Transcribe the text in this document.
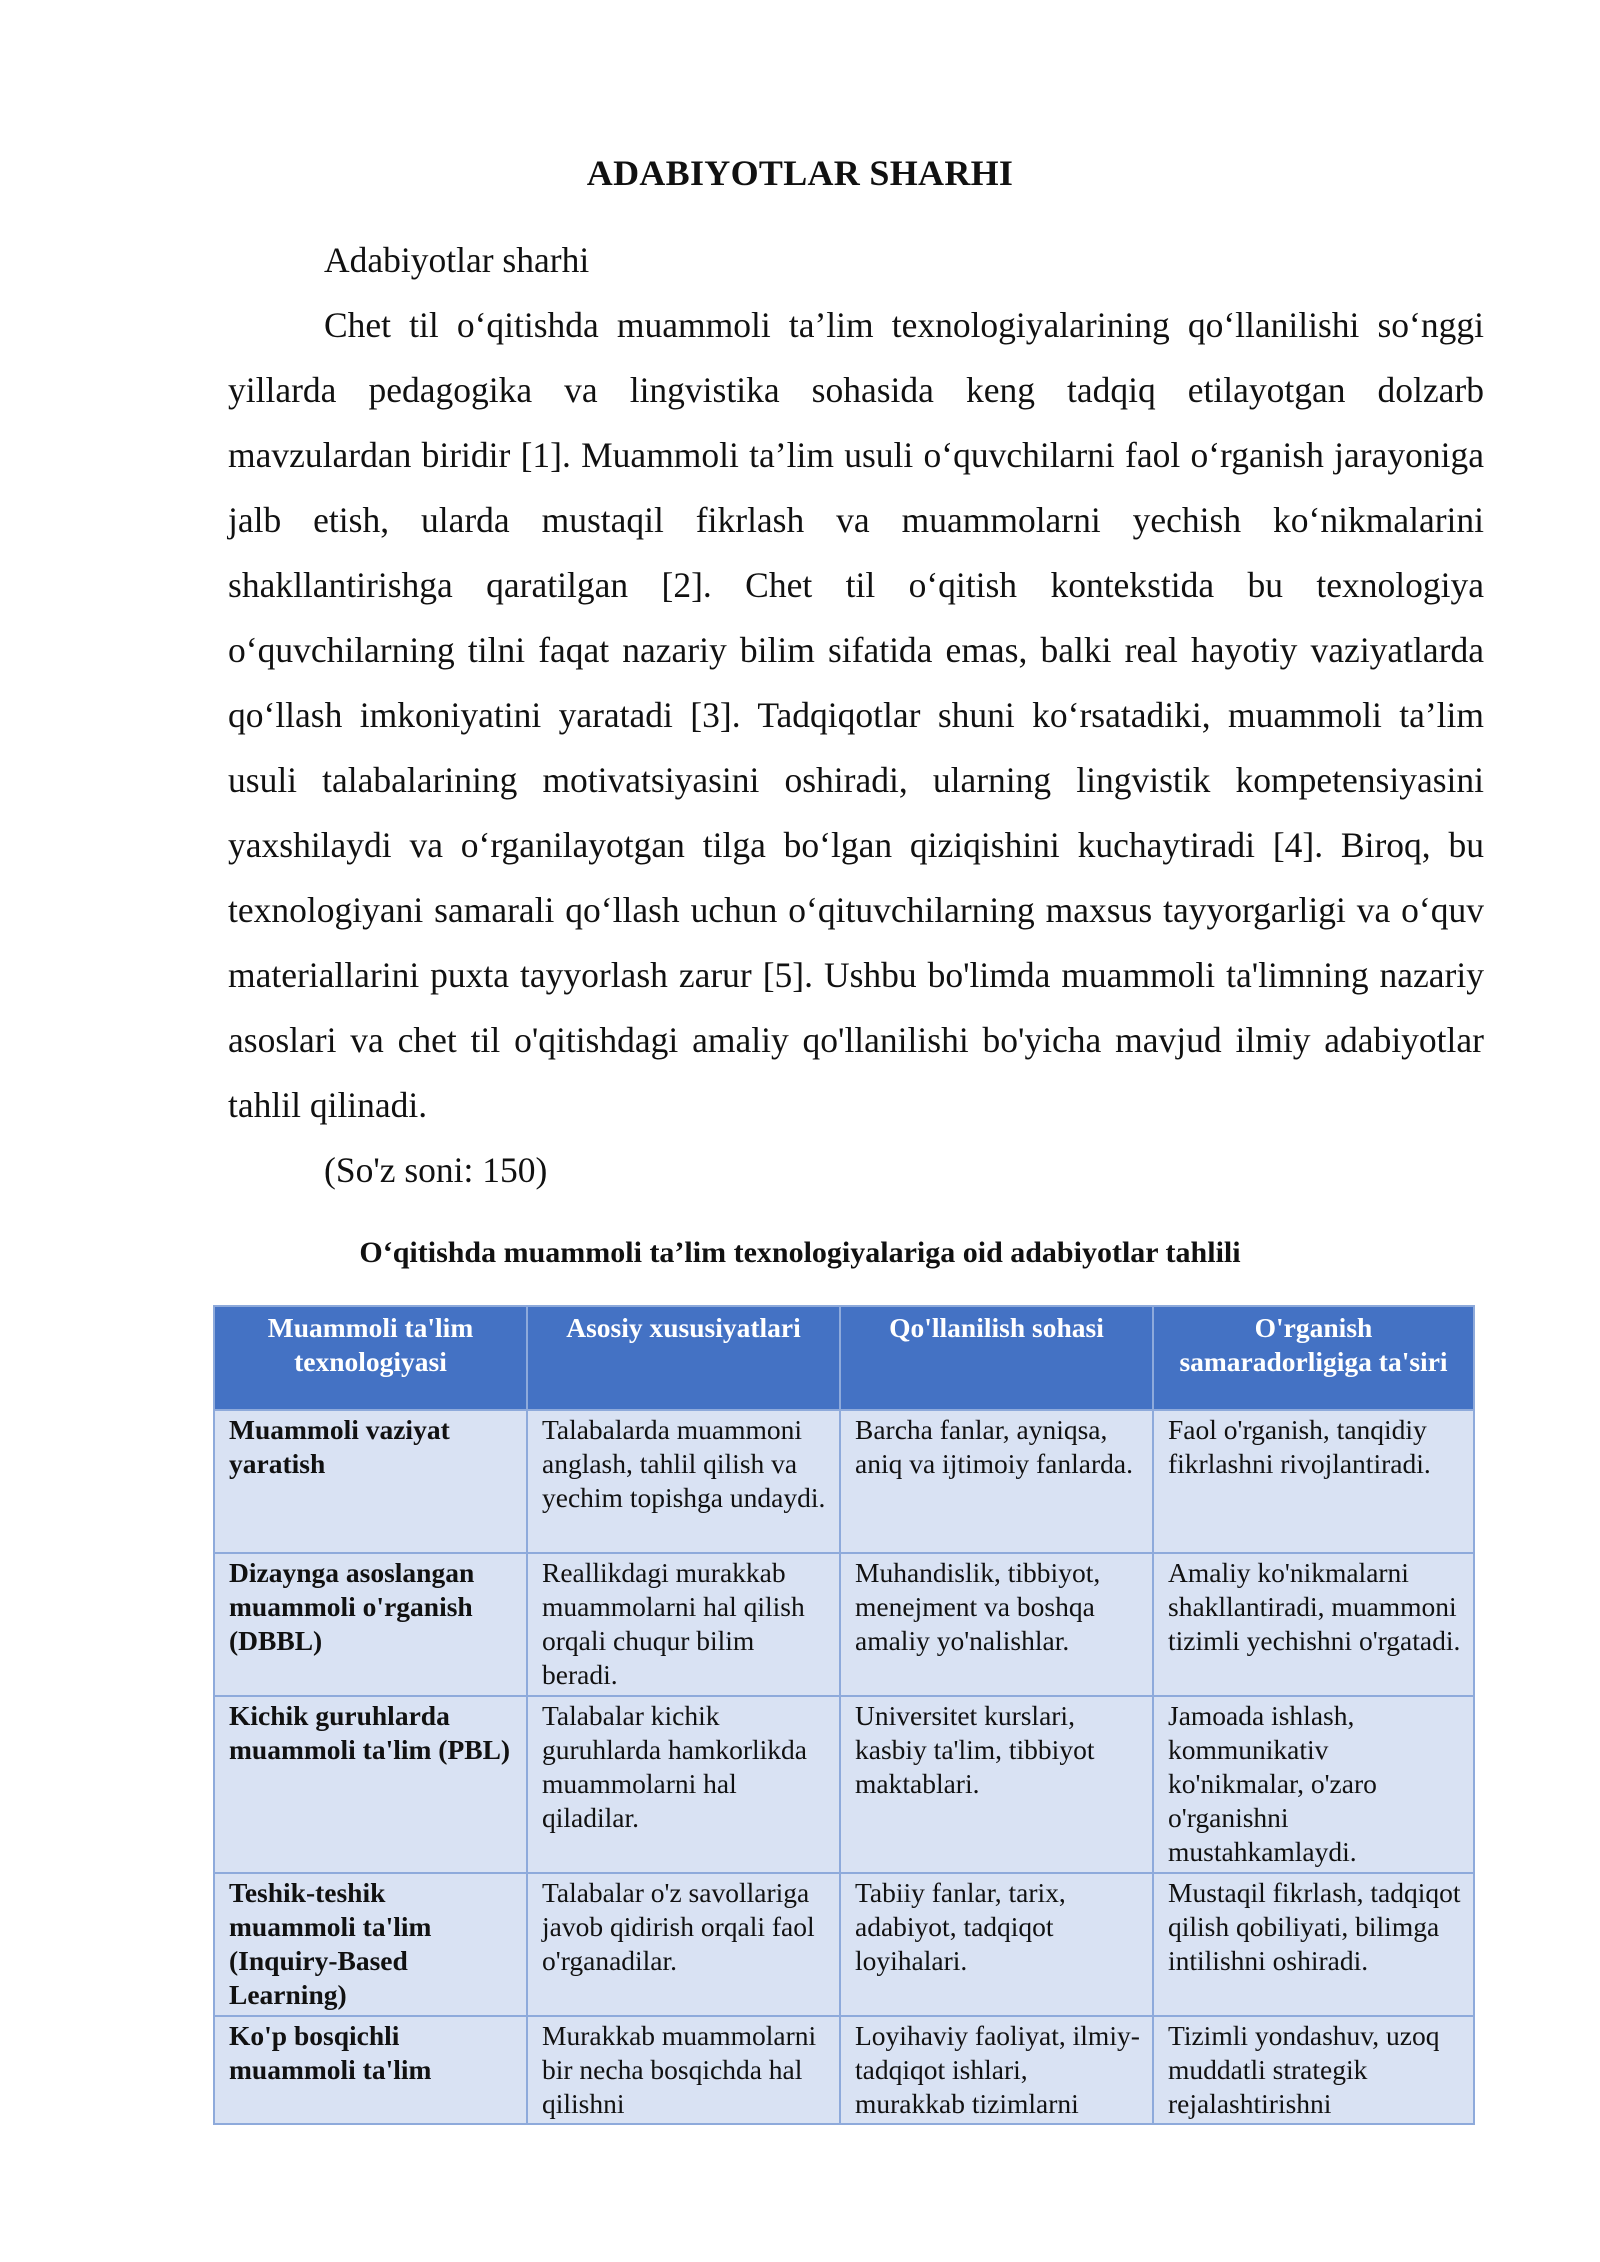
ADABIYOTLAR SHARHI

Adabiyotlar sharhi

Chet til o‘qitishda muammoli ta’lim texnologiyalarining qo‘llanilishi so‘nggi yillarda pedagogika va lingvistika sohasida keng tadqiq etilayotgan dolzarb mavzulardan biridir [1]. Muammoli ta’lim usuli o‘quvchilarni faol o‘rganish jarayoniga jalb etish, ularda mustaqil fikrlash va muammolarni yechish ko‘nikmalarini shakllantirishga qaratilgan [2]. Chet til o‘qitish kontekstida bu texnologiya o‘quvchilarning tilni faqat nazariy bilim sifatida emas, balki real hayotiy vaziyatlarda qo‘llash imkoniyatini yaratadi [3]. Tadqiqotlar shuni ko‘rsatadiki, muammoli ta’lim usuli talabalarining motivatsiyasini oshiradi, ularning lingvistik kompetensiyasini yaxshilaydi va o‘rganilayotgan tilga bo‘lgan qiziqishini kuchaytiradi [4]. Biroq, bu texnologiyani samarali qo‘llash uchun o‘qituvchilarning maxsus tayyorgarligi va o‘quv materiallarini puxta tayyorlash zarur [5]. Ushbu bo'limda muammoli ta'limning nazariy asoslari va chet til o'qitishdagi amaliy qo'llanilishi bo'yicha mavjud ilmiy adabiyotlar tahlil qilinadi.

(So'z soni: 150)

O‘qitishda muammoli ta’lim texnologiyalariga oid adabiyotlar tahlili
Muammoli ta'lim texnologiyasi	Asosiy xususiyatlari	Qo'llanilish sohasi	O'rganish samaradorligiga ta'siri
Muammoli vaziyat yaratish	Talabalarda muammoni anglash, tahlil qilish va yechim topishga undaydi.	Barcha fanlar, ayniqsa, aniq va ijtimoiy fanlarda.	Faol o'rganish, tanqidiy fikrlashni rivojlantiradi.
Dizaynga asoslangan muammoli o'rganish (DBBL)	Reallikdagi murakkab muammolarni hal qilish orqali chuqur bilim beradi.	Muhandislik, tibbiyot, menejment va boshqa amaliy yo'nalishlar.	Amaliy ko'nikmalarni shakllantiradi, muammoni tizimli yechishni o'rgatadi.
Kichik guruhlarda muammoli ta'lim (PBL)	Talabalar kichik guruhlarda hamkorlikda muammolarni hal qiladilar.	Universitet kurslari, kasbiy ta'lim, tibbiyot maktablari.	Jamoada ishlash, kommunikativ ko'nikmalar, o'zaro o'rganishni mustahkamlaydi.
Teshik-teshik muammoli ta'lim (Inquiry-Based Learning)	Talabalar o'z savollariga javob qidirish orqali faol o'rganadilar.	Tabiiy fanlar, tarix, adabiyot, tadqiqot loyihalari.	Mustaqil fikrlash, tadqiqot qilish qobiliyati, bilimga intilishni oshiradi.
Ko'p bosqichli muammoli ta'lim	Murakkab muammolarni bir necha bosqichda hal qilishni	Loyihaviy faoliyat, ilmiy-tadqiqot ishlari, murakkab tizimlarni	Tizimli yondashuv, uzoq muddatli strategik rejalashtirishni
